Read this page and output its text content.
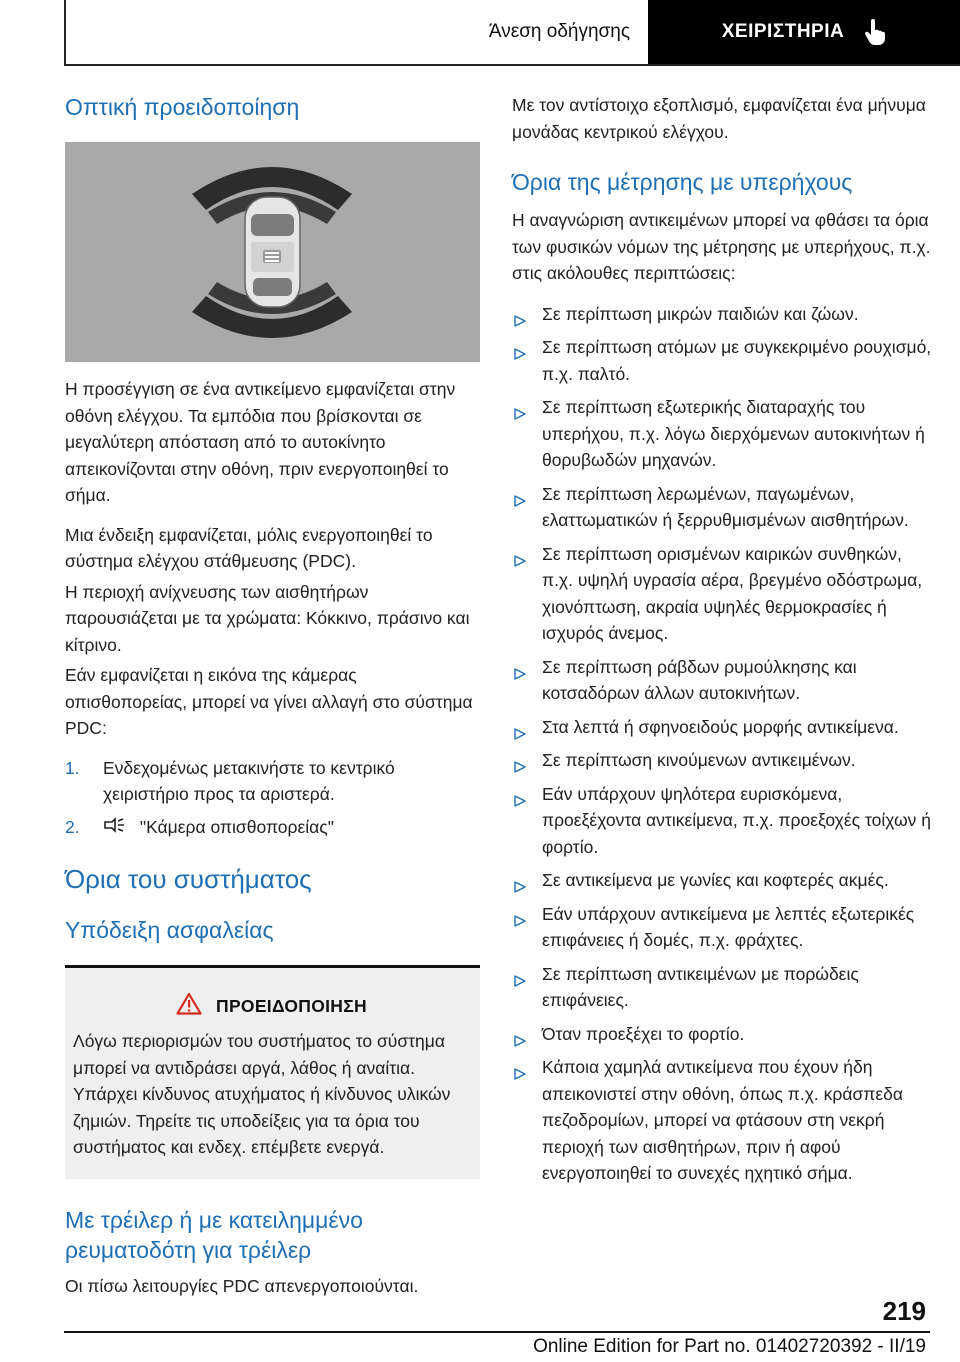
Άνεση οδήγησης	ΧΕΙΡΙΣΤΗΡΙΑ
Οπτική προειδοποίηση

Η προσέγγιση σε ένα αντικείμενο εμφανίζεται στην οθόνη ελέγχου. Τα εμπόδια που βρίσκονται σε μεγαλύτερη απόσταση από το αυτοκίνητο απεικονίζονται στην οθόνη, πριν ενεργοποιηθεί το σήμα.

Μια ένδειξη εμφανίζεται, μόλις ενεργοποιηθεί το σύστημα ελέγχου στάθμευσης (PDC).

Η περιοχή ανίχνευσης των αισθητήρων παρουσιάζεται με τα χρώματα: Κόκκινο, πράσινο και κίτρινο.

Εάν εμφανίζεται η εικόνα της κάμερας οπισθοπορείας, μπορεί να γίνει αλλαγή στο σύστημα PDC:

1. Ενδεχομένως μετακινήστε το κεντρικό χειριστήριο προς τα αριστερά.
2.	"Κάμερα οπισθοπορείας"
Όρια του συστήματος
Υπόδειξη ασφαλείας
ΠΡΟΕΙΔΟΠΟΙΗΣΗ
Λόγω περιορισμών του συστήματος το σύστημα μπορεί να αντιδράσει αργά, λάθος ή αναίτια. Υπάρχει κίνδυνος ατυχήματος ή κίνδυνος υλικών ζημιών. Τηρείτε τις υποδείξεις για τα όρια του συστήματος και ενδεχ. επέμβετε ενεργά.
Με τρέιλερ ή με κατειλημμένο ρευματοδότη για τρέιλερ

Οι πίσω λειτουργίες PDC απενεργοποιούνται.

Με τον αντίστοιχο εξοπλισμό, εμφανίζεται ένα μήνυμα μονάδας κεντρικού ελέγχου.

Όρια της μέτρησης με υπερήχους

Η αναγνώριση αντικειμένων μπορεί να φθάσει τα όρια των φυσικών νόμων της μέτρησης με υπερήχους, π.χ. στις ακόλουθες περιπτώσεις:

Σε περίπτωση μικρών παιδιών και ζώων.
Σε περίπτωση ατόμων με συγκεκριμένο ρουχισμό, π.χ. παλτό.
Σε περίπτωση εξωτερικής διαταραχής του υπερήχου, π.χ. λόγω διερχόμενων αυτοκινήτων ή θορυβωδών μηχανών.
Σε περίπτωση λερωμένων, παγωμένων, ελαττωματικών ή ξερρυθμισμένων αισθητήρων.
Σε περίπτωση ορισμένων καιρικών συνθηκών, π.χ. υψηλή υγρασία αέρα, βρεγμένο οδόστρωμα, χιονόπτωση, ακραία υψηλές θερμοκρασίες ή ισχυρός άνεμος.
Σε περίπτωση ράβδων ρυμούλκησης και κοτσαδόρων άλλων αυτοκινήτων.
Στα λεπτά ή σφηνοειδούς μορφής αντικείμενα.
Σε περίπτωση κινούμενων αντικειμένων.
Εάν υπάρχουν ψηλότερα ευρισκόμενα, προεξέχοντα αντικείμενα, π.χ. προεξοχές τοίχων ή φορτίο.
Σε αντικείμενα με γωνίες και κοφτερές ακμές.
Εάν υπάρχουν αντικείμενα με λεπτές εξωτερικές επιφάνειες ή δομές, π.χ. φράχτες.
Σε περίπτωση αντικειμένων με πορώδεις επιφάνειες.
Όταν προεξέχει το φορτίο.
Κάποια χαμηλά αντικείμενα που έχουν ήδη απεικονιστεί στην οθόνη, όπως π.χ. κράσπεδα πεζοδρομίων, μπορεί να φτάσουν στη νεκρή περιοχή των αισθητήρων, πριν ή αφού ενεργοποιηθεί το συνεχές ηχητικό σήμα.
219
Online Edition for Part no. 01402720392 - II/19
